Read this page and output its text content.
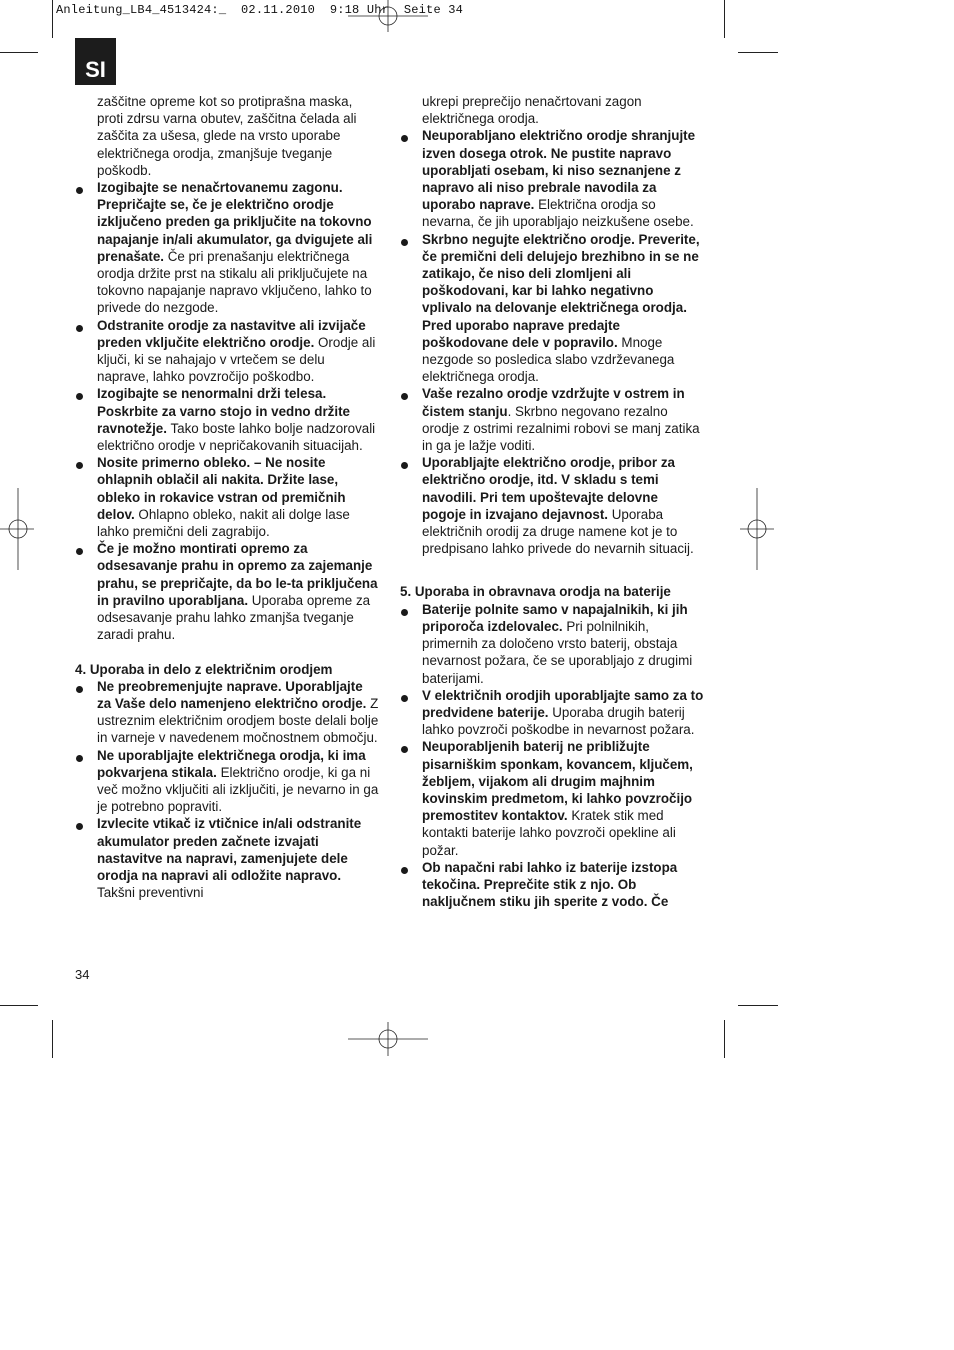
Anleitung_LB4_4513424:_  02.11.2010  9:18 Uhr  Seite 34
SI
zaščitne opreme kot so protiprašna maska, proti zdrsu varna obutev, zaščitna čelada ali zaščita za ušesa, glede na vrsto uporabe električnega orodja, zmanjšuje tveganje poškodb.
Izogibajte se nenačrtovanemu zagonu. Prepričajte se, če je električno orodje izključeno preden ga priključite na tokovno napajanje in/ali akumulator, ga dvigujete ali prenašate. Če pri prenašanju električnega orodja držite prst na stikalu ali priključujete na tokovno napajanje napravo vključeno, lahko to privede do nezgode.
Odstranite orodje za nastavitve ali izvijače preden vključite električno orodje. Orodje ali ključi, ki se nahajajo v vrtečem se delu naprave, lahko povzročijo poškodbo.
Izogibajte se nenormalni drži telesa. Poskrbite za varno stojo in vedno držite ravnotežje. Tako boste lahko bolje nadzorovali električno orodje v nepričakovanih situacijah.
Nosite primerno obleko. – Ne nosite ohlapnih oblačil ali nakita. Držite lase, obleko in rokavice vstran od premičnih delov. Ohlapno obleko, nakit ali dolge lase lahko premični deli zagrabijo.
Če je možno montirati opremo za odsesavanje prahu in opremo za zajemanje prahu, se prepričajte, da bo le-ta priključena in pravilno uporabljana. Uporaba opreme za odsesavanje prahu lahko zmanjša tveganje zaradi prahu.
4. Uporaba in delo z električnim orodjem
Ne preobremenjujte naprave. Uporabljajte za Vaše delo namenjeno električno orodje. Z ustreznim električnim orodjem boste delali bolje in varneje v navedenem močnostnem območju.
Ne uporabljajte električnega orodja, ki ima pokvarjena stikala. Električno orodje, ki ga ni več možno vključiti ali izključiti, je nevarno in ga je potrebno popraviti.
Izvlecite vtikač iz vtičnice in/ali odstranite akumulator preden začnete izvajati nastavitve na napravi, zamenjujete dele orodja na napravi ali odložite napravo. Takšni preventivni
ukrepi preprečijo nenačrtovani zagon električnega orodja.
Neuporabljano električno orodje shranjujte izven dosega otrok. Ne pustite napravo uporabljati osebam, ki niso seznanjene z napravo ali niso prebrale navodila za uporabo naprave. Električna orodja so nevarna, če jih uporabljajo neizkušene osebe.
Skrbno negujte električno orodje. Preverite, če premični deli delujejo brezhibno in se ne zatikajo, če niso deli zlomljeni ali poškodovani, kar bi lahko negativno vplivalo na delovanje električnega orodja. Pred uporabo naprave predajte poškodovane dele v popravilo. Mnoge nezgode so posledica slabo vzdrževanega električnega orodja.
Vaše rezalno orodje vzdržujte v ostrem in čistem stanju. Skrbno negovano rezalno orodje z ostrimi rezalnimi robovi se manj zatika in ga je lažje voditi.
Uporabljajte električno orodje, pribor za električno orodje, itd. V skladu s temi navodili. Pri tem upoštevajte delovne pogoje in izvajano dejavnost. Uporaba električnih orodij za druge namene kot je to predpisano lahko privede do nevarnih situacij.
5. Uporaba in obravnava orodja na baterije
Baterije polnite samo v napajalnikih, ki jih priporoča izdelovalec. Pri polnilnikih, primernih za določeno vrsto baterij, obstaja nevarnost požara, če se uporabljajo z drugimi baterijami.
V električnih orodjih uporabljajte samo za to predvidene baterije. Uporaba drugih baterij lahko povzroči poškodbe in nevarnost požara.
Neuporabljenih baterij ne približujte pisarniškim sponkam, kovancem, ključem, žebljem, vijakom ali drugim majhnim kovinskim predmetom, ki lahko povzročijo premostitev kontaktov. Kratek stik med kontakti baterije lahko povzroči opekline ali požar.
Ob napačni rabi lahko iz baterije izstopa tekočina. Preprečite stik z njo. Ob naključnem stiku jih sperite z vodo. Če
34
